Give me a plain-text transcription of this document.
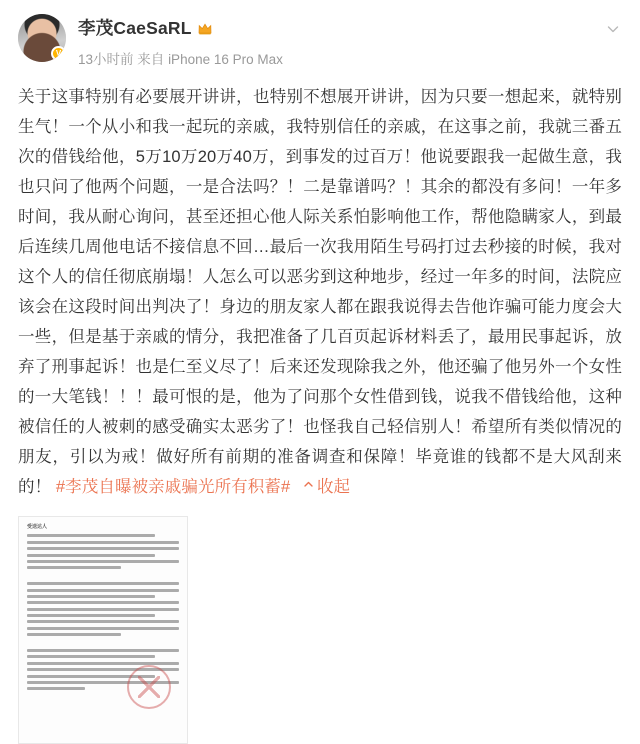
V
李茂CaeSaRL
13小时前 来自 iPhone 16 Pro Max
关于这事特别有必要展开讲讲，也特别不想展开讲讲，因为只要一想起来，就特别生气！一个从小和我一起玩的亲戚，我特别信任的亲戚，在这事之前，我就三番五次的借钱给他，5万10万20万40万，到事发的过百万！他说要跟我一起做生意，我也只问了他两个问题，一是合法吗？！二是靠谱吗？！其余的都没有多问！一年多时间，我从耐心询问，甚至还担心他人际关系怕影响他工作，帮他隐瞒家人，到最后连续几周他电话不接信息不回…最后一次我用陌生号码打过去秒接的时候，我对这个人的信任彻底崩塌！人怎么可以恶劣到这种地步，经过一年多的时间，法院应该会在这段时间出判决了！身边的朋友家人都在跟我说得去告他诈骗可能力度会大一些，但是基于亲戚的情分，我把准备了几百页起诉材料丢了，最用民事起诉，放弃了刑事起诉！也是仁至义尽了！后来还发现除我之外，他还骗了他另外一个女性的一大笔钱！！！最可恨的是，他为了问那个女性借到钱，说我不借钱给他，这种被信任的人被刺的感受确实太恶劣了！也怪我自己轻信别人！希望所有类似情况的朋友，引以为戒！做好所有前期的准备调查和保障！毕竟谁的钱都不是大风刮来的！ #李茂自曝被亲戚骗光所有积蓄# 收起
受送达人
